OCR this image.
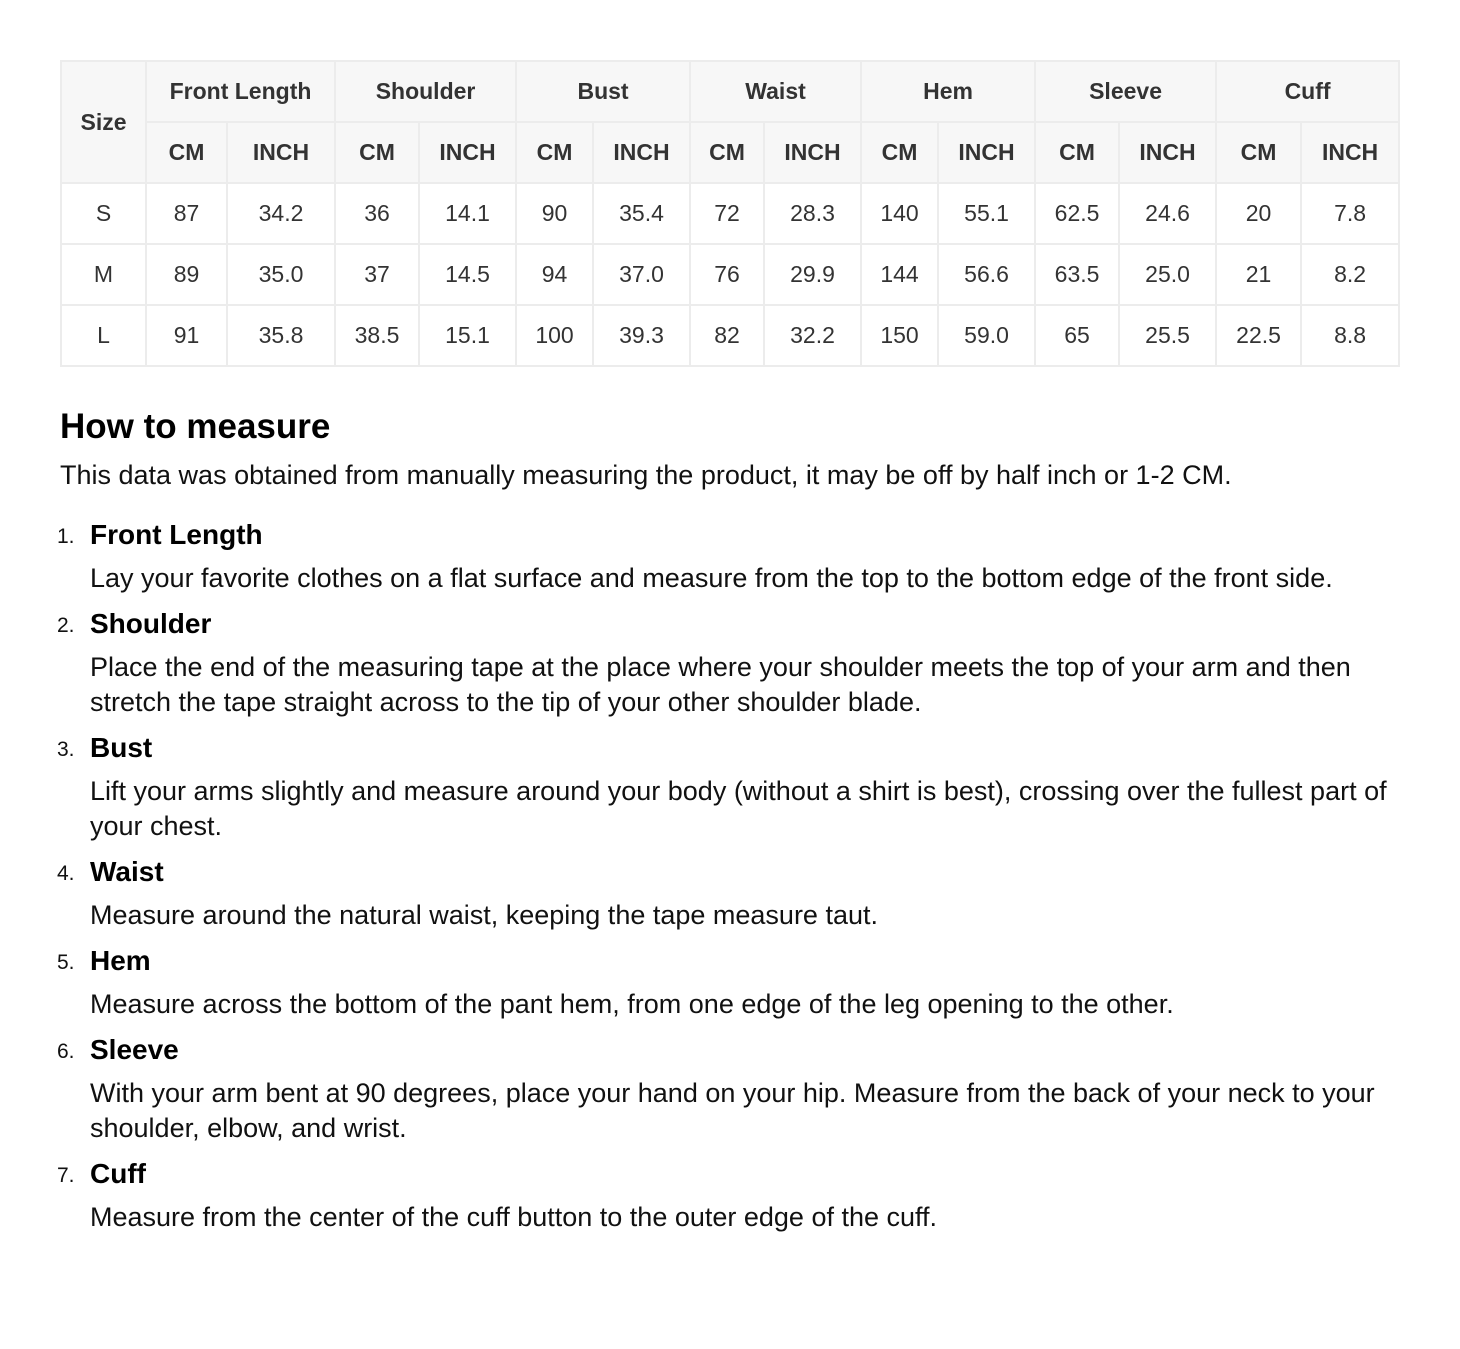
Size	Front Length		Shoulder		Bust		Waist		Hem		Sleeve		Cuff	
	CM	INCH	CM	INCH	CM	INCH	CM	INCH	CM	INCH	CM	INCH	CM	INCH
S	87	34.2	36	14.1	90	35.4	72	28.3	140	55.1	62.5	24.6	20	7.8
M	89	35.0	37	14.5	94	37.0	76	29.9	144	56.6	63.5	25.0	21	8.2
L	91	35.8	38.5	15.1	100	39.3	82	32.2	150	59.0	65	25.5	22.5	8.8
How to measure

This data was obtained from manually measuring the product, it may be off by half inch or 1-2 CM.

1. Front Length
Lay your favorite clothes on a flat surface and measure from the top to the bottom edge of the front side.
2. Shoulder
Place the end of the measuring tape at the place where your shoulder meets the top of your arm and then stretch the tape straight across to the tip of your other shoulder blade.
3. Bust
Lift your arms slightly and measure around your body (without a shirt is best), crossing over the fullest part of your chest.
4. Waist
Measure around the natural waist, keeping the tape measure taut.
5. Hem
Measure across the bottom of the pant hem, from one edge of the leg opening to the other.
6. Sleeve
With your arm bent at 90 degrees, place your hand on your hip. Measure from the back of your neck to your shoulder, elbow, and wrist.
7. Cuff
Measure from the center of the cuff button to the outer edge of the cuff.
